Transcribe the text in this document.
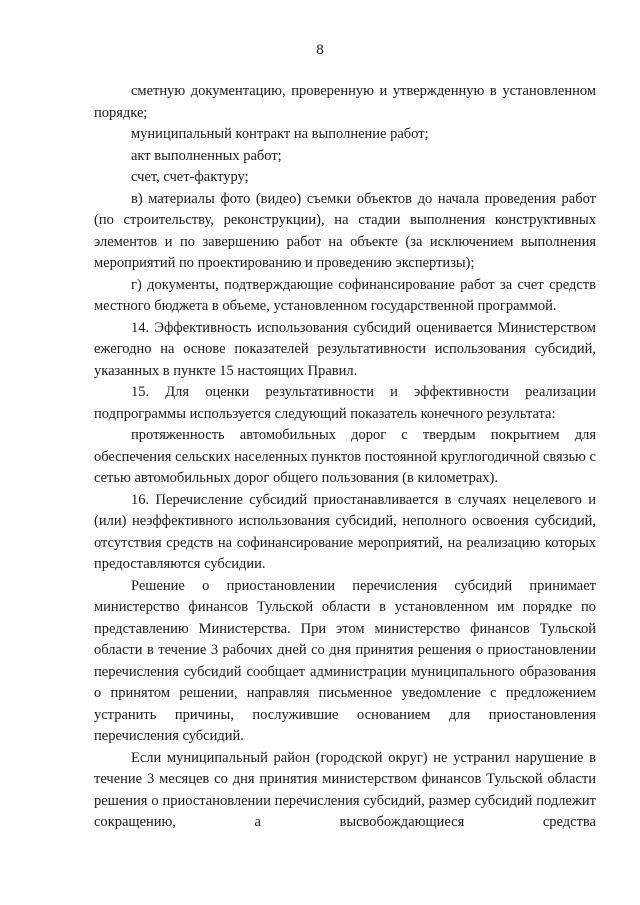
8

сметную документацию, проверенную и утвержденную в установленном порядке;

муниципальный контракт на выполнение работ;

акт выполненных работ;

счет, счет-фактуру;

в) материалы фото (видео) съемки объектов до начала проведения работ (по строительству, реконструкции), на стадии выполнения конструктивных элементов и по завершению работ на объекте (за исключением выполнения мероприятий по проектированию и проведению экспертизы);

г) документы, подтверждающие софинансирование работ за счет средств местного бюджета в объеме, установленном государственной программой.

14. Эффективность использования субсидий оценивается Министерством ежегодно на основе показателей результативности использования субсидий, указанных в пункте 15 настоящих Правил.

15. Для оценки результативности и эффективности реализации подпрограммы используется следующий показатель конечного результата:

протяженность автомобильных дорог с твердым покрытием для обеспечения сельских населенных пунктов постоянной круглогодичной связью с сетью автомобильных дорог общего пользования (в километрах).

16. Перечисление субсидий приостанавливается в случаях нецелевого и (или) неэффективного использования субсидий, неполного освоения субсидий, отсутствия средств на софинансирование мероприятий, на реализацию которых предоставляются субсидии.

Решение о приостановлении перечисления субсидий принимает министерство финансов Тульской области в установленном им порядке по представлению Министерства. При этом министерство финансов Тульской области в течение 3 рабочих дней со дня принятия решения о приостановлении перечисления субсидий сообщает администрации муниципального образования о принятом решении, направляя письменное уведомление с предложением устранить причины, послужившие основанием для приостановления перечисления субсидий.

Если муниципальный район (городской округ) не устранил нарушение в течение 3 месяцев со дня принятия министерством финансов Тульской области решения о приостановлении перечисления субсидий, размер субсидий подлежит сокращению, а высвобождающиеся средства
